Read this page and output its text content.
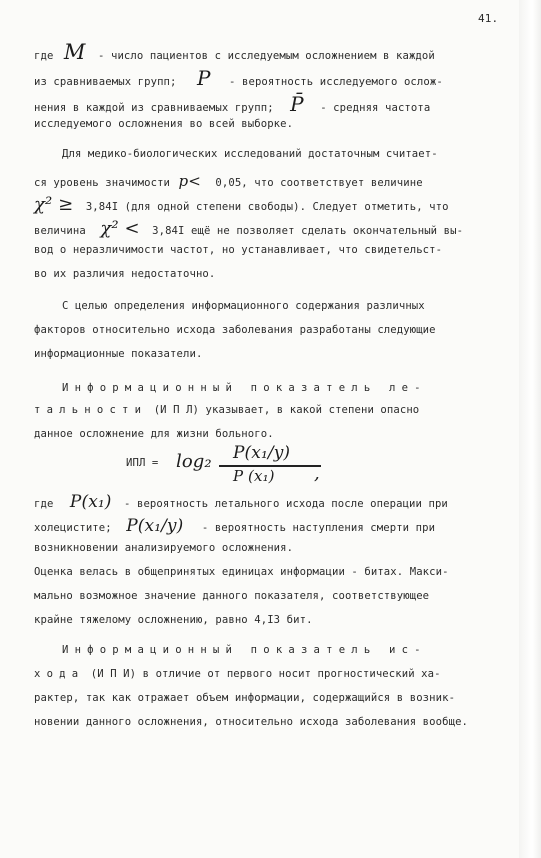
41.
где M - число пациентов с исследуемым осложнением в каждой
из сравниваемых групп; P - вероятность исследуемого ослож-
нения в каждой из сравниваемых групп; P̄ - средняя частота
исследуемого осложнения во всей выборке.
Для медико-биологических исследований достаточным считает-
ся уровень значимости p< 0,05, что соответствует величине
χ² ≥ 3,84I (для одной степени свободы). Следует отметить, что
величина χ² < 3,84I ещё не позволяет сделать окончательный вы-
вод о неразличимости частот, но устанавливает, что свидетельст-
во их различия недостаточно.
С целью определения информационного содержания различных
факторов относительно исхода заболевания разработаны следующие
информационные показатели.
Информационный показатель ле-
тальности (И П Л) указывает, в какой степени опасно
данное осложнение для жизни больного.
ИПЛ = log₂ P(x₁/y)
P (x₁) ,
где P(x₁) - вероятность летального исхода после операции при
холецистите; P(x₁/y) - вероятность наступления смерти при
возникновении анализируемого осложнения.
Оценка велась в общепринятых единицах информации - битах. Макси-
мально возможное значение данного показателя, соответствующее
крайне тяжелому осложнению, равно 4,I3 бит.
Информационный показатель ис-
хода (И П И) в отличие от первого носит прогностический ха-
рактер, так как отражает объем информации, содержащийся в возник-
новении данного осложнения, относительно исхода заболевания вообще.
